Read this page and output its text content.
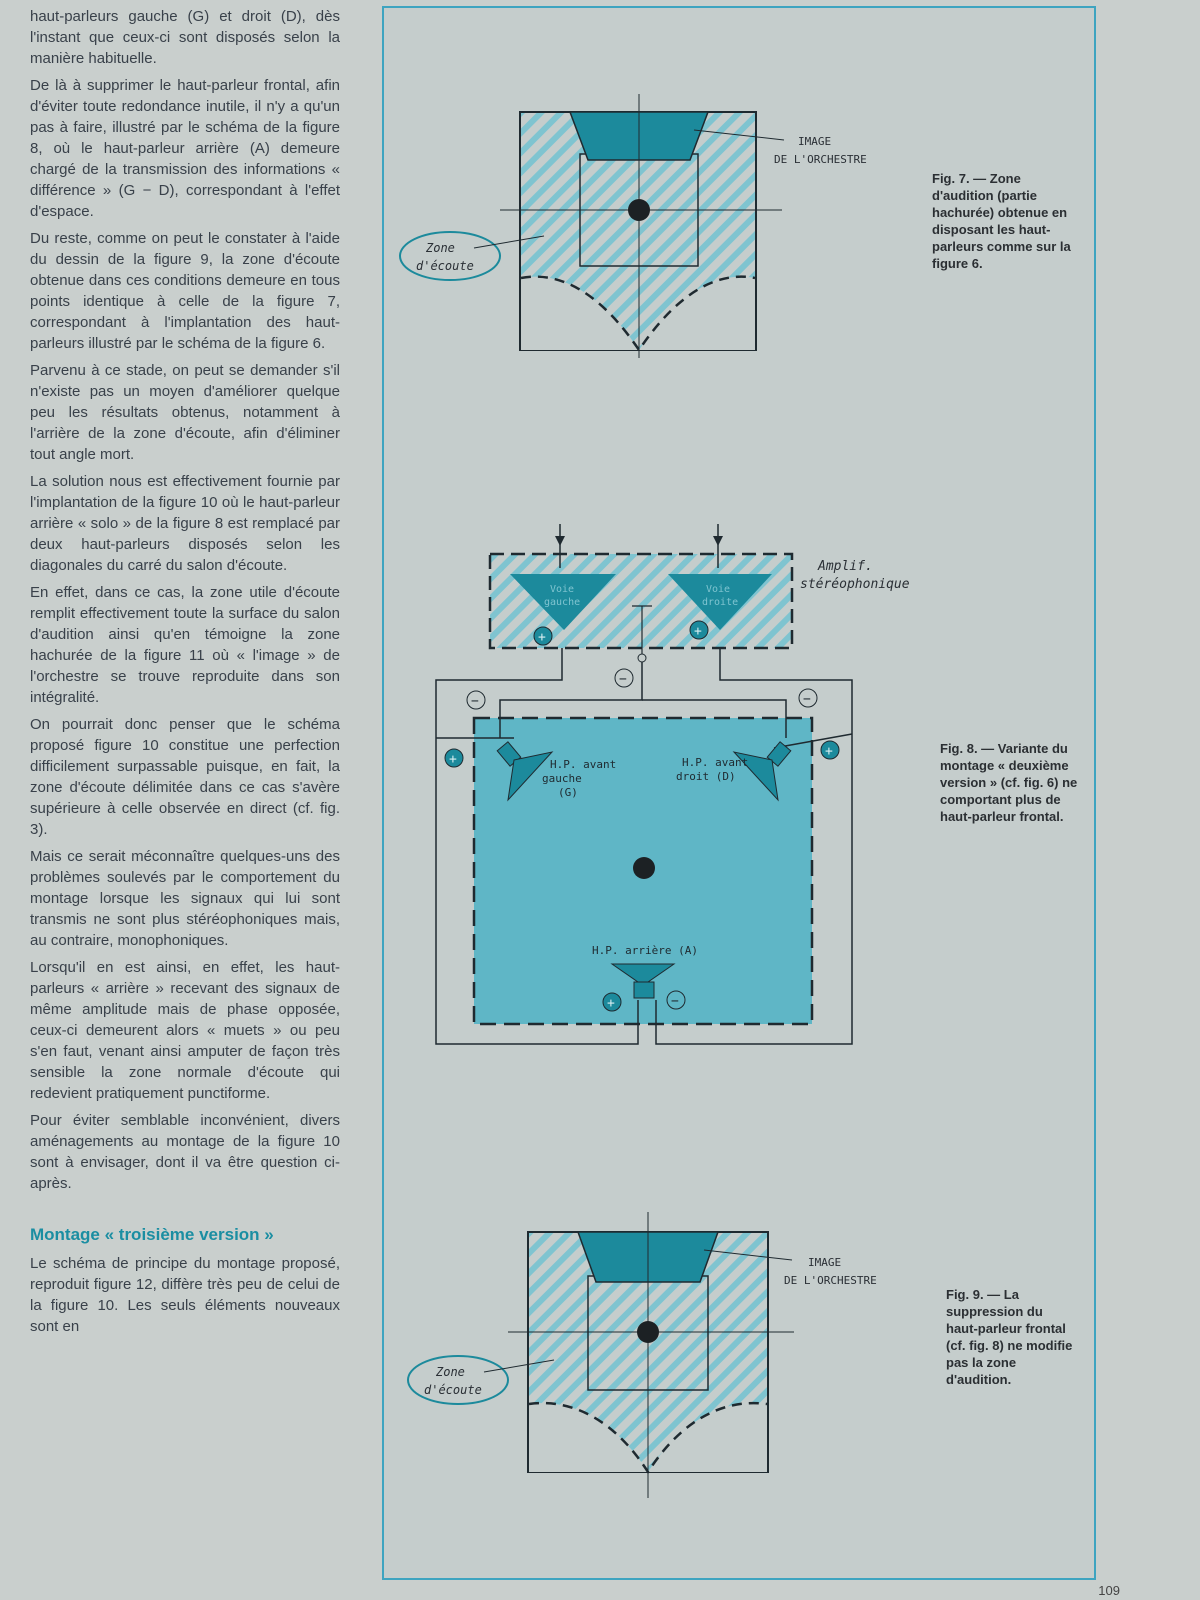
haut-parleurs gauche (G) et droit (D), dès l'instant que ceux-ci sont disposés selon la manière habituelle.

De là à supprimer le haut-parleur frontal, afin d'éviter toute redondance inutile, il n'y a qu'un pas à faire, illustré par le schéma de la figure 8, où le haut-parleur arrière (A) demeure chargé de la transmission des informations « différence » (G − D), correspondant à l'effet d'espace.

Du reste, comme on peut le constater à l'aide du dessin de la figure 9, la zone d'écoute obtenue dans ces conditions demeure en tous points identique à celle de la figure 7, correspondant à l'implantation des haut-parleurs illustré par le schéma de la figure 6.

Parvenu à ce stade, on peut se demander s'il n'existe pas un moyen d'améliorer quelque peu les résultats obtenus, notamment à l'arrière de la zone d'écoute, afin d'éliminer tout angle mort.

La solution nous est effectivement fournie par l'implantation de la figure 10 où le haut-parleur arrière « solo » de la figure 8 est remplacé par deux haut-parleurs disposés selon les diagonales du carré du salon d'écoute.

En effet, dans ce cas, la zone utile d'écoute remplit effectivement toute la surface du salon d'audition ainsi qu'en témoigne la zone hachurée de la figure 11 où « l'image » de l'orchestre se trouve reproduite dans son intégralité.

On pourrait donc penser que le schéma proposé figure 10 constitue une perfection difficilement surpassable puisque, en fait, la zone d'écoute délimitée dans ce cas s'avère supérieure à celle observée en direct (cf. fig. 3).

Mais ce serait méconnaître quelques-uns des problèmes soulevés par le comportement du montage lorsque les signaux qui lui sont transmis ne sont plus stéréophoniques mais, au contraire, monophoniques.

Lorsqu'il en est ainsi, en effet, les haut-parleurs « arrière » recevant des signaux de même amplitude mais de phase opposée, ceux-ci demeurent alors « muets » ou peu s'en faut, venant ainsi amputer de façon très sensible la zone normale d'écoute qui redevient pratiquement punctiforme.

Pour éviter semblable inconvénient, divers aménagements au montage de la figure 10 sont à envisager, dont il va être question ci-après.

Montage « troisième version »

Le schéma de principe du montage proposé, reproduit figure 12, diffère très peu de celui de la figure 10. Les seuls éléments nouveaux sont en

IMAGE
DE L'ORCHESTRE
Zone
d'écoute
Voie
gauche
Voie
droite
+	+
Amplif.
stéréophonique
−
−	−
+
+
H.P. avant
gauche
(G)
H.P. avant
droit (D)
H.P. arrière (A)
+	−
IMAGE
DE L'ORCHESTRE
Zone
d'écoute
Fig. 7. — Zone d'audition (partie hachurée) obtenue en disposant les haut-parleurs comme sur la figure 6.
Fig. 8. — Variante du montage « deuxième version » (cf. fig. 6) ne comportant plus de haut-parleur frontal.
Fig. 9. — La suppression du haut-parleur frontal (cf. fig. 8) ne modifie pas la zone d'audition.
109
